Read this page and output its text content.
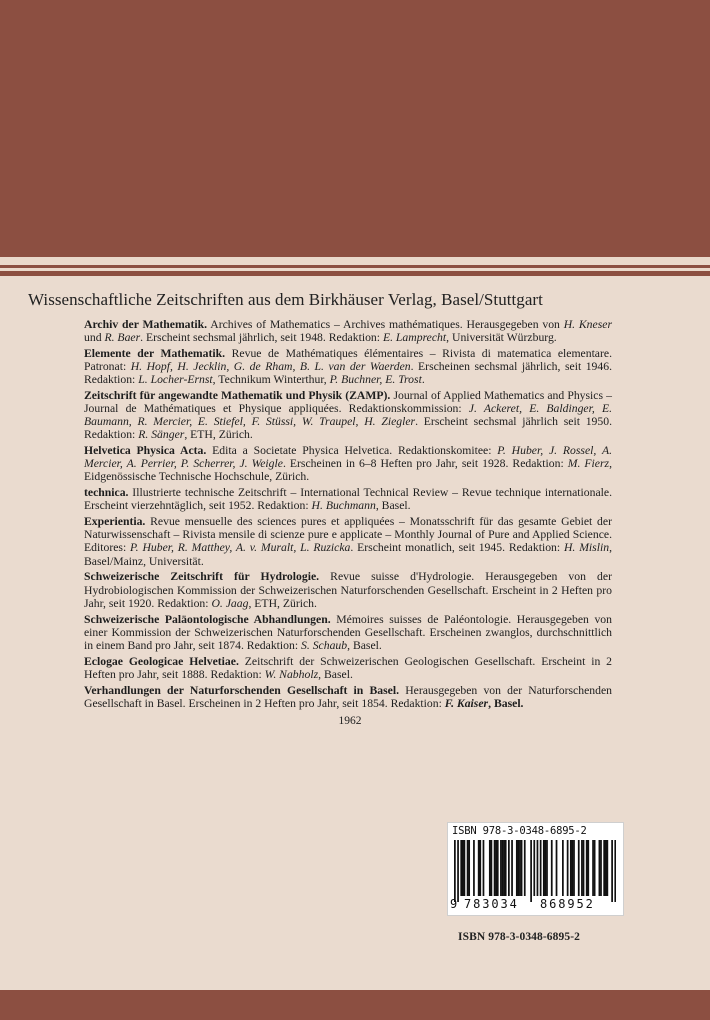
Wissenschaftliche Zeitschriften aus dem Birkhäuser Verlag, Basel/Stuttgart

Archiv der Mathematik. Archives of Mathematics – Archives mathématiques. Herausgegeben von H. Kneser und R. Baer. Erscheint sechsmal jährlich, seit 1948. Redaktion: E. Lamprecht, Universität Würzburg.

Elemente der Mathematik. Revue de Mathématiques élémentaires – Rivista di matematica elementare. Patronat: H. Hopf, H. Jecklin, G. de Rham, B. L. van der Waerden. Erscheinen sechsmal jährlich, seit 1946. Redaktion: L. Locher-Ernst, Technikum Winterthur, P. Buchner, E. Trost.

Zeitschrift für angewandte Mathematik und Physik (ZAMP). Journal of Applied Mathematics and Physics – Journal de Mathématiques et Physique appliquées. Redaktionskommission: J. Ackeret, E. Baldinger, E. Baumann, R. Mercier, E. Stiefel, F. Stüssi, W. Traupel, H. Ziegler. Erscheint sechsmal jährlich seit 1950. Redaktion: R. Sänger, ETH, Zürich.

Helvetica Physica Acta. Edita a Societate Physica Helvetica. Redaktionskomitee: P. Huber, J. Rossel, A. Mercier, A. Perrier, P. Scherrer, J. Weigle. Erscheinen in 6–8 Heften pro Jahr, seit 1928. Redaktion: M. Fierz, Eidgenössische Technische Hochschule, Zürich.

technica. Illustrierte technische Zeitschrift – International Technical Review – Revue technique internationale. Erscheint vierzehntäglich, seit 1952. Redaktion: H. Buchmann, Basel.

Experientia. Revue mensuelle des sciences pures et appliquées – Monatsschrift für das gesamte Gebiet der Naturwissenschaft – Rivista mensile di scienze pure e applicate – Monthly Journal of Pure and Applied Science. Editores: P. Huber, R. Matthey, A. v. Muralt, L. Ruzicka. Erscheint monatlich, seit 1945. Redaktion: H. Mislin, Basel/Mainz, Universität.

Schweizerische Zeitschrift für Hydrologie. Revue suisse d'Hydrologie. Herausgegeben von der Hydrobiologischen Kommission der Schweizerischen Naturforschenden Gesellschaft. Erscheint in 2 Heften pro Jahr, seit 1920. Redaktion: O. Jaag, ETH, Zürich.

Schweizerische Paläontologische Abhandlungen. Mémoires suisses de Paléontologie. Herausgegeben von einer Kommission der Schweizerischen Naturforschenden Gesellschaft. Erscheinen zwanglos, durchschnittlich in einem Band pro Jahr, seit 1874. Redaktion: S. Schaub, Basel.

Eclogae Geologicae Helvetiae. Zeitschrift der Schweizerischen Geologischen Gesellschaft. Erscheint in 2 Heften pro Jahr, seit 1888. Redaktion: W. Nabholz, Basel.

Verhandlungen der Naturforschenden Gesellschaft in Basel. Herausgegeben von der Naturforschenden Gesellschaft in Basel. Erscheinen in 2 Heften pro Jahr, seit 1854. Redaktion: F. Kaiser, Basel.

1962
ISBN 978-3-0348-6895-2
9 783034 868952
ISBN 978-3-0348-6895-2
